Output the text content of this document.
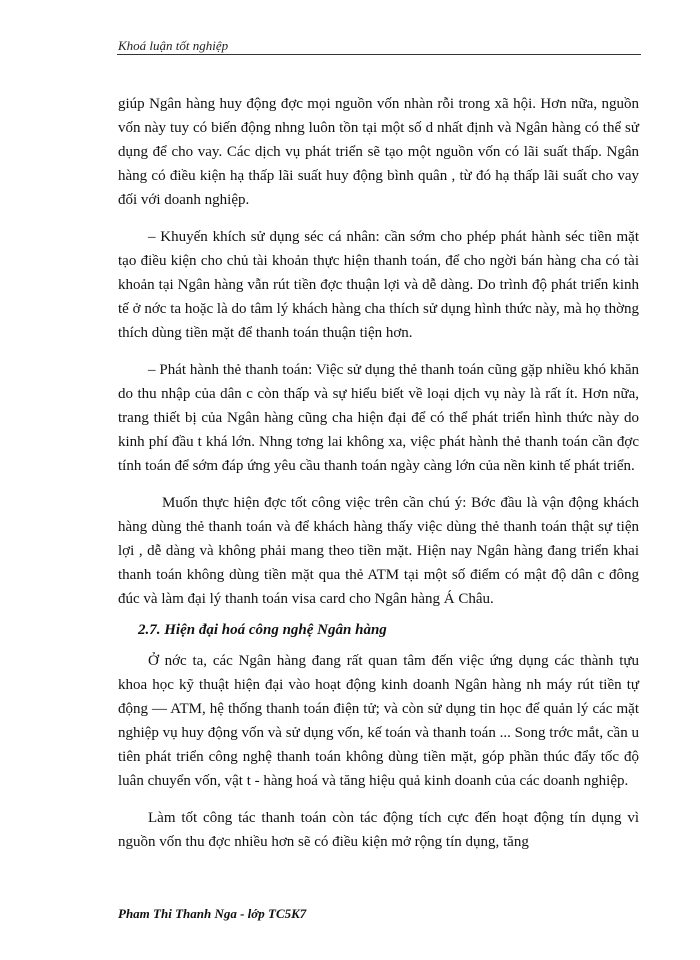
Khoá luận tốt nghiệp

giúp Ngân hàng huy động đợc mọi nguồn vốn nhàn rỗi trong xã hội. Hơn nữa, nguồn vốn này tuy có biến động nhng luôn tồn tại một số d nhất định và Ngân hàng có thể sử dụng để cho vay. Các dịch vụ phát triển sẽ tạo một nguồn vốn có lãi suất thấp. Ngân hàng có điều kiện hạ thấp lãi suất huy động bình quân , từ đó hạ thấp lãi suất cho vay đối với doanh nghiệp.

– Khuyến khích sử dụng séc cá nhân: cần sớm cho phép phát hành séc tiền mặt tạo điều kiện cho chủ tài khoản thực hiện thanh toán, để cho ngời bán hàng cha có tài khoản tại Ngân hàng vẫn rút tiền đợc thuận lợi và dễ dàng. Do trình độ phát triển kinh tế ở nớc ta hoặc là do tâm lý khách hàng cha thích sử dụng hình thức này, mà họ thờng thích dùng tiền mặt để thanh toán thuận tiện hơn.

– Phát hành thẻ thanh toán: Việc sử dụng thẻ thanh toán cũng gặp nhiều khó khăn do thu nhập của dân c còn thấp và sự hiểu biết về loại dịch vụ này là rất ít. Hơn nữa, trang thiết bị của Ngân hàng cũng cha hiện đại để có thể phát triển hình thức này do kinh phí đầu t khá lớn. Nhng tơng lai không xa, việc phát hành thẻ thanh toán cần đợc tính toán để sớm đáp ứng yêu cầu thanh toán ngày càng lớn của nền kinh tế phát triển.

Muốn thực hiện đợc tốt công việc trên cần chú ý: Bớc đầu là vận động khách hàng dùng thẻ thanh toán và để khách hàng thấy việc dùng thẻ thanh toán thật sự tiện lợi , dễ dàng và không phải mang theo tiền mặt. Hiện nay Ngân hàng đang triển khai thanh toán không dùng tiền mặt qua thẻ ATM tại một số điểm có mật độ dân c đông đúc và làm đại lý thanh toán visa card cho Ngân hàng Á Châu.

2.7. Hiện đại hoá công nghệ Ngân hàng

Ở nớc ta, các Ngân hàng đang rất quan tâm đến việc ứng dụng các thành tựu khoa học kỹ thuật hiện đại vào hoạt động kinh doanh Ngân hàng nh máy rút tiền tự động — ATM, hệ thống thanh toán điện tử; và còn sử dụng tin học để quản lý các mặt nghiệp vụ huy động vốn và sử dụng vốn, kế toán và thanh toán ... Song trớc mắt, cần u tiên phát triển công nghệ thanh toán không dùng tiền mặt, góp phần thúc đẩy tốc độ luân chuyển vốn, vật t - hàng hoá và tăng hiệu quả kinh doanh của các doanh nghiệp.

Làm tốt công tác thanh toán còn tác động tích cực đến hoạt động tín dụng vì nguồn vốn thu đợc nhiều hơn sẽ có điều kiện mở rộng tín dụng, tăng

Pham Thi Thanh Nga - lớp TC5K7
